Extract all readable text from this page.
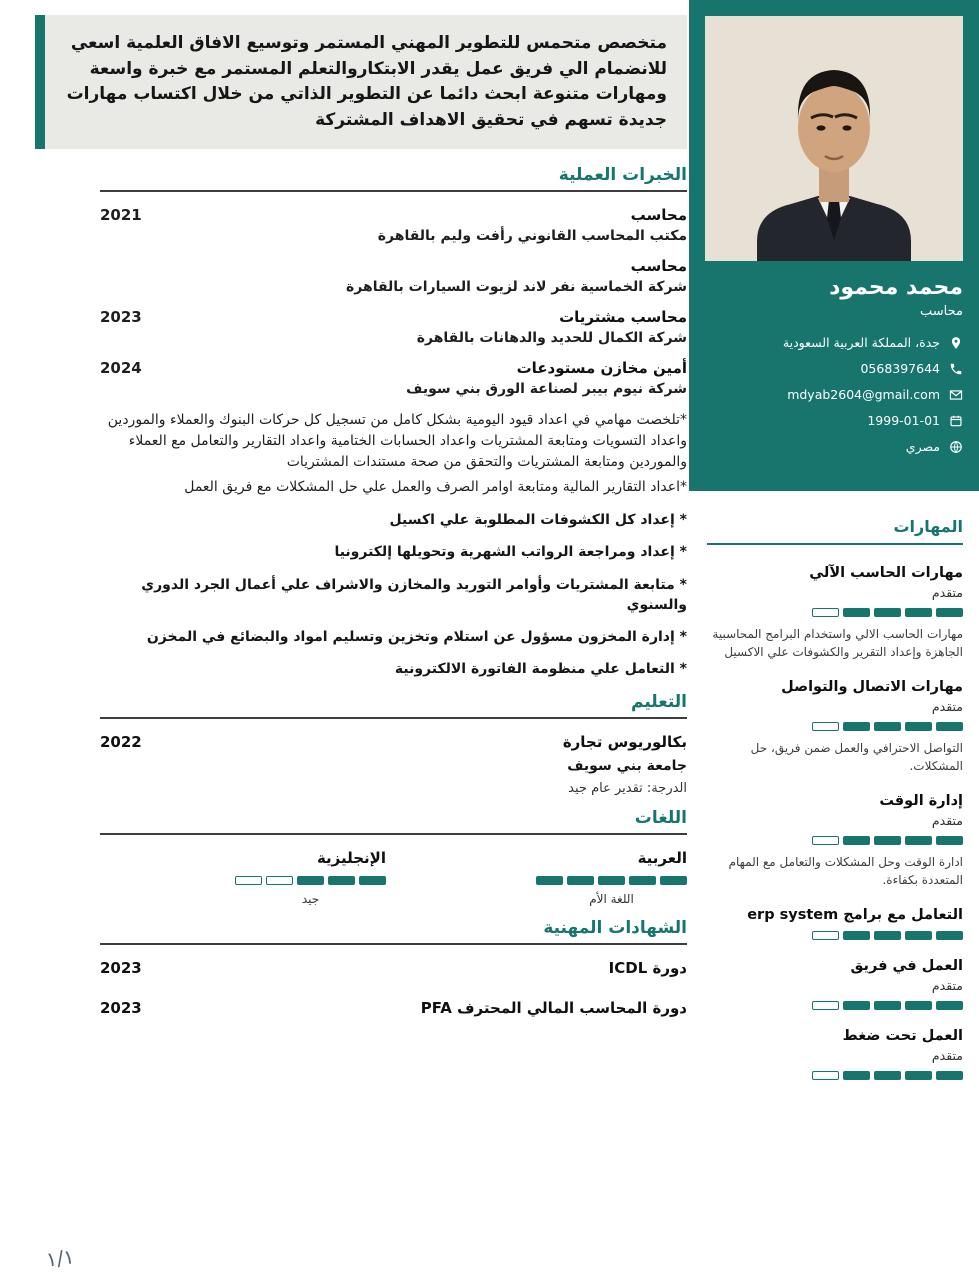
متخصص متحمس للتطوير المهني المستمر وتوسيع الافاق العلمية اسعي للانضمام الي فريق عمل يقدر الابتكاروالتعلم المستمر مع خبرة واسعة ومهارات متنوعة ابحث دائما عن التطوير الذاتي من خلال اكتساب مهارات جديدة تسهم في تحقيق الاهداف المشتركة

الخبرات العملية
محاسب
2021
مكتب المحاسب القانوني رأفت وليم بالقاهرة
محاسب
شركة الخماسية نفر لاند لزيوت السيارات بالقاهرة
محاسب مشتريات
2023
شركة الكمال للحديد والدهانات بالقاهرة
أمين مخازن مستودعات
2024
شركة نيوم بيبر لصناعة الورق بني سويف

*تلخصت مهامي في اعداد قيود اليومية بشكل كامل من تسجيل كل حركات البنوك والعملاء والموردين واعداد التسويات ومتابعة المشتريات واعداد الحسابات الختامية واعداد التقارير والتعامل مع العملاء والموردين ومتابعة المشتريات والتحقق من صحة مستندات المشتريات

*اعداد التقارير المالية ومتابعة اوامر الصرف والعمل علي حل المشكلات مع فريق العمل

* إعداد كل الكشوفات المطلوبة علي اكسيل
* إعداد ومراجعة الرواتب الشهرية وتحويلها إلكترونيا
* متابعة المشتريات وأوامر التوريد والمخازن والاشراف علي أعمال الجرد الدوري والسنوي
* إدارة المخزون مسؤول عن استلام وتخزين وتسليم امواد والبضائع في المخزن
* التعامل علي منظومة الفاتورة الالكترونية
التعليم
بكالوريوس تجارة
2022
جامعة بني سويف
الدرجة: تقدير عام جيد
اللغات
العربية
اللغة الأم
الإنجليزية
جيد
الشهادات المهنية
دورة ICDL
2023
دورة المحاسب المالي المحترف PFA
2023
محمد محمود
محاسب
جدة، المملكة العربية السعودية
0568397644
mdyab2604@gmail.com
1999-01-01
مصري
المهارات
مهارات الحاسب الآلي
متقدم
مهارات الحاسب الالي واستخدام البرامج المحاسبية الجاهزة وإعداد التقرير والكشوفات علي الاكسيل
مهارات الاتصال والتواصل
متقدم
التواصل الاحترافي والعمل ضمن فريق، حل المشكلات.
إدارة الوقت
متقدم
ادارة الوقت وحل المشكلات والتعامل مع المهام المتعددة بكفاءة.
التعامل مع برامج erp system
العمل في فريق
متقدم
العمل تحت ضغط
متقدم
١/١
